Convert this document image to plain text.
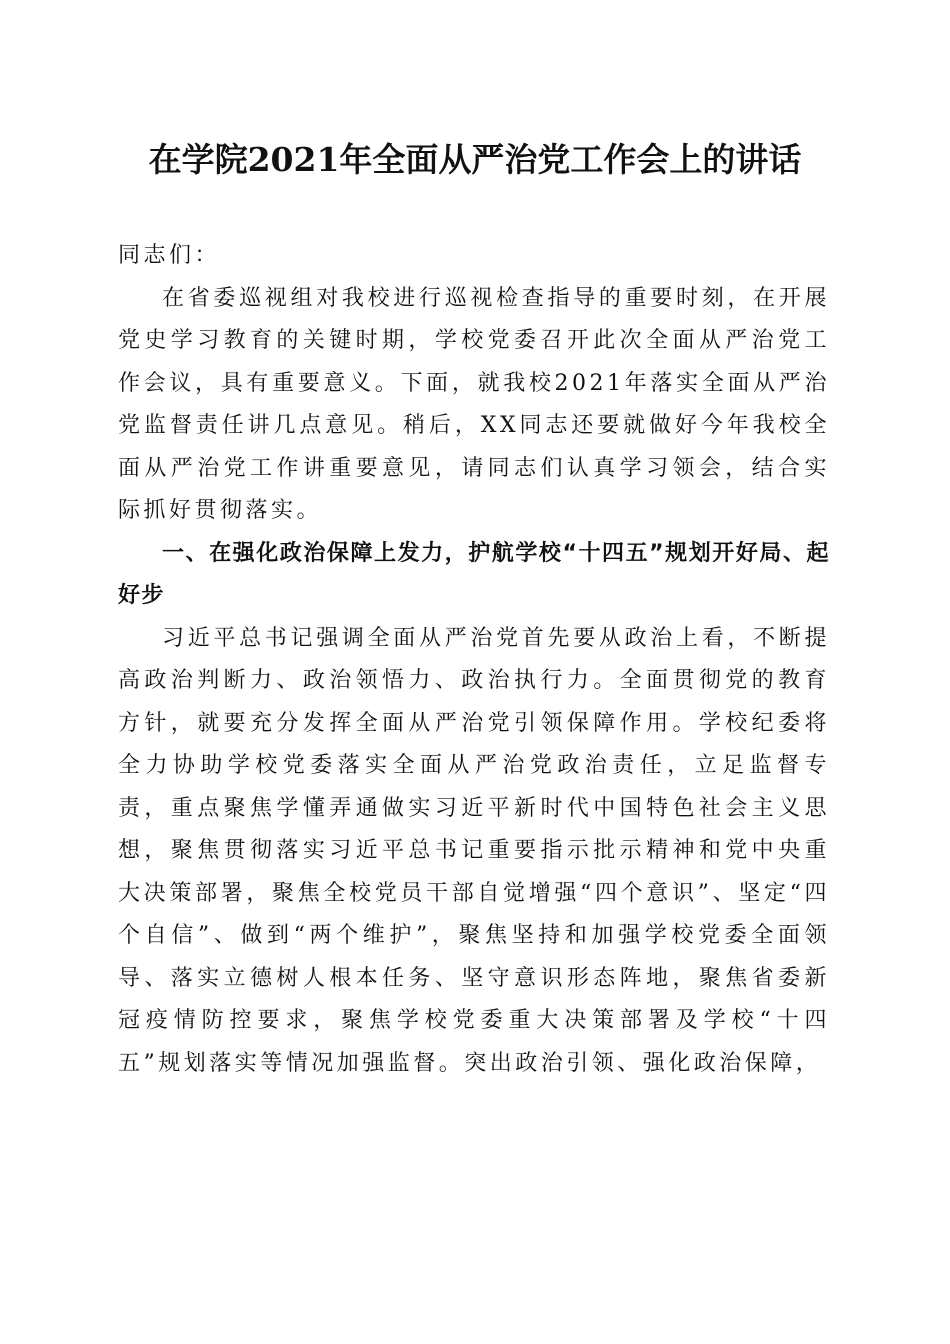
在学院2021年全面从严治党工作会上的讲话

同志们：

在省委巡视组对我校进行巡视检查指导的重要时刻，在开展党史学习教育的关键时期，学校党委召开此次全面从严治党工作会议，具有重要意义。下面，就我校2021年落实全面从严治党监督责任讲几点意见。稍后，XX同志还要就做好今年我校全面从严治党工作讲重要意见，请同志们认真学习领会，结合实际抓好贯彻落实。

一、在强化政治保障上发力，护航学校“十四五”规划开好局、起好步

习近平总书记强调全面从严治党首先要从政治上看，不断提高政治判断力、政治领悟力、政治执行力。全面贯彻党的教育方针，就要充分发挥全面从严治党引领保障作用。学校纪委将全力协助学校党委落实全面从严治党政治责任，立足监督专责，重点聚焦学懂弄通做实习近平新时代中国特色社会主义思想，聚焦贯彻落实习近平总书记重要指示批示精神和党中央重大决策部署，聚焦全校党员干部自觉增强“四个意识”、坚定“四个自信”、做到“两个维护”，聚焦坚持和加强学校党委全面领导、落实立德树人根本任务、坚守意识形态阵地，聚焦省委新冠疫情防控要求，聚焦学校党委重大决策部署及学校“十四五”规划落实等情况加强监督。突出政治引领、强化政治保障，
